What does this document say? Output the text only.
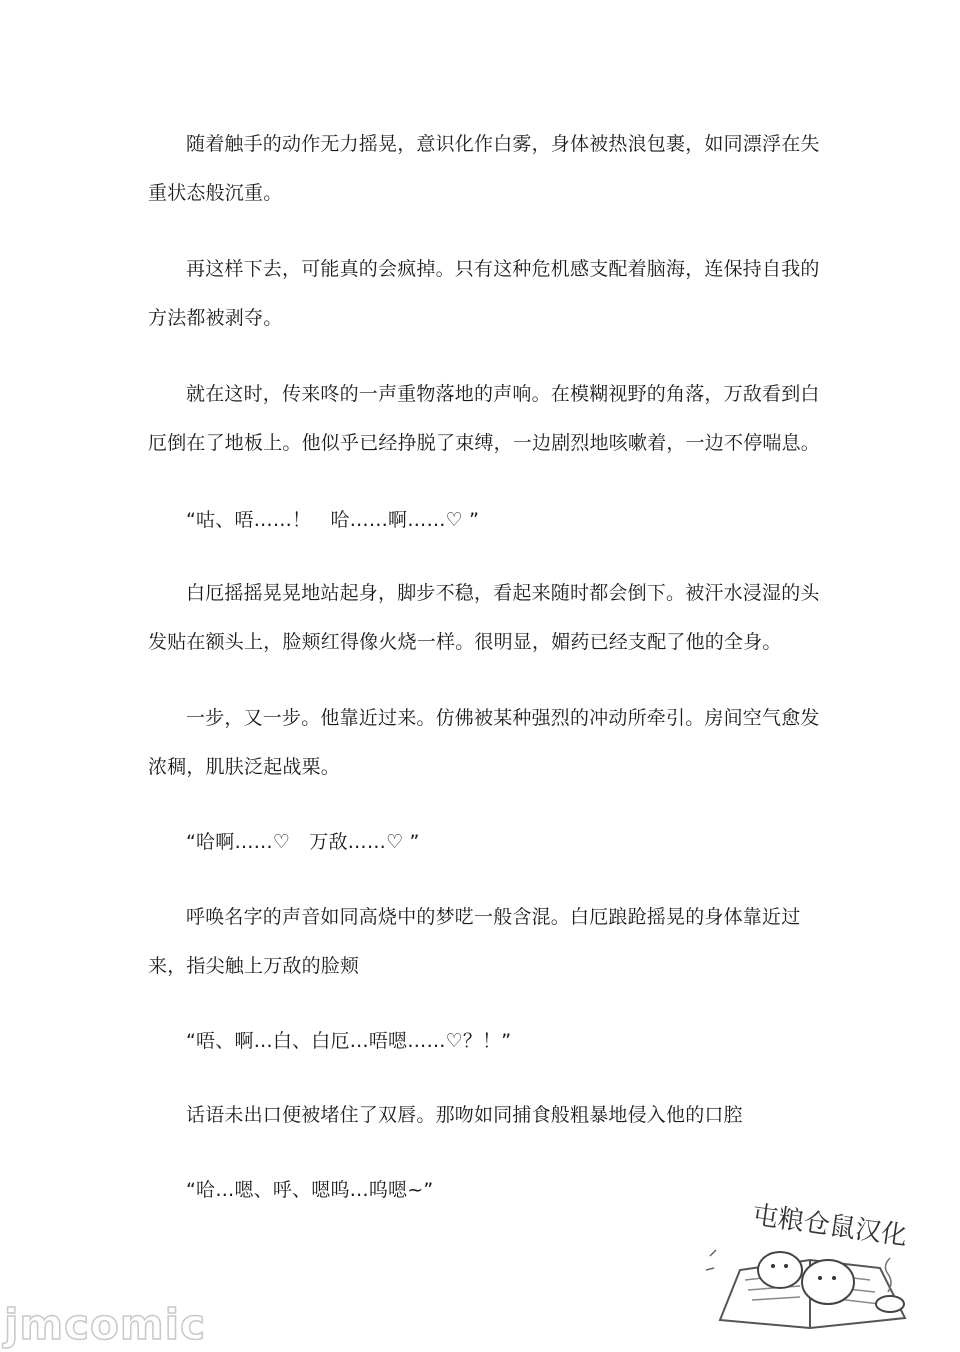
随着触手的动作无力摇晃，意识化作白雾，身体被热浪包裹，如同漂浮在失重状态般沉重。

再这样下去，可能真的会疯掉。只有这种危机感支配着脑海，连保持自我的方法都被剥夺。

就在这时，传来咚的一声重物落地的声响。在模糊视野的角落，万敌看到白厄倒在了地板上。他似乎已经挣脱了束缚，一边剧烈地咳嗽着，一边不停喘息。

“咕、唔……！　哈……啊……♡ ”

白厄摇摇晃晃地站起身，脚步不稳，看起来随时都会倒下。被汗水浸湿的头发贴在额头上，脸颊红得像火烧一样。很明显，媚药已经支配了他的全身。

一步，又一步。他靠近过来。仿佛被某种强烈的冲动所牵引。房间空气愈发浓稠，肌肤泛起战栗。

“哈啊……♡　万敌……♡ ”

呼唤名字的声音如同高烧中的梦呓一般含混。白厄踉跄摇晃的身体靠近过来，指尖触上万敌的脸颊

“唔、啊…白、白厄…唔嗯……♡？！”

话语未出口便被堵住了双唇。那吻如同捕食般粗暴地侵入他的口腔

“哈…嗯、呼、嗯呜…呜嗯~”

屯粮仓鼠汉化
jmcomic
